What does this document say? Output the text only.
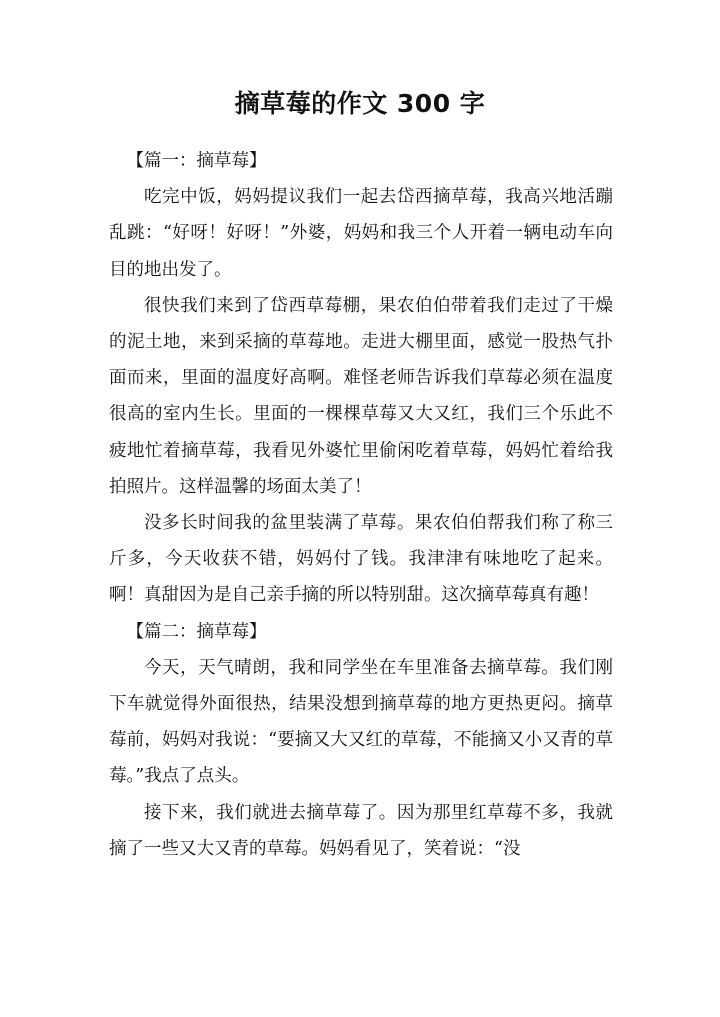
摘草莓的作文 300 字

【篇一：摘草莓】

吃完中饭，妈妈提议我们一起去岱西摘草莓，我高兴地活蹦乱跳：“好呀！好呀！”外婆，妈妈和我三个人开着一辆电动车向目的地出发了。

很快我们来到了岱西草莓棚，果农伯伯带着我们走过了干燥的泥土地，来到采摘的草莓地。走进大棚里面，感觉一股热气扑面而来，里面的温度好高啊。难怪老师告诉我们草莓必须在温度很高的室内生长。里面的一棵棵草莓又大又红，我们三个乐此不疲地忙着摘草莓，我看见外婆忙里偷闲吃着草莓，妈妈忙着给我拍照片。这样温馨的场面太美了！

没多长时间我的盆里装满了草莓。果农伯伯帮我们称了称三斤多，今天收获不错，妈妈付了钱。我津津有味地吃了起来。啊！真甜因为是自己亲手摘的所以特别甜。这次摘草莓真有趣！

【篇二：摘草莓】

今天，天气晴朗，我和同学坐在车里准备去摘草莓。我们刚下车就觉得外面很热，结果没想到摘草莓的地方更热更闷。摘草莓前，妈妈对我说：“要摘又大又红的草莓，不能摘又小又青的草莓。”我点了点头。

接下来，我们就进去摘草莓了。因为那里红草莓不多，我就摘了一些又大又青的草莓。妈妈看见了，笑着说：“没
